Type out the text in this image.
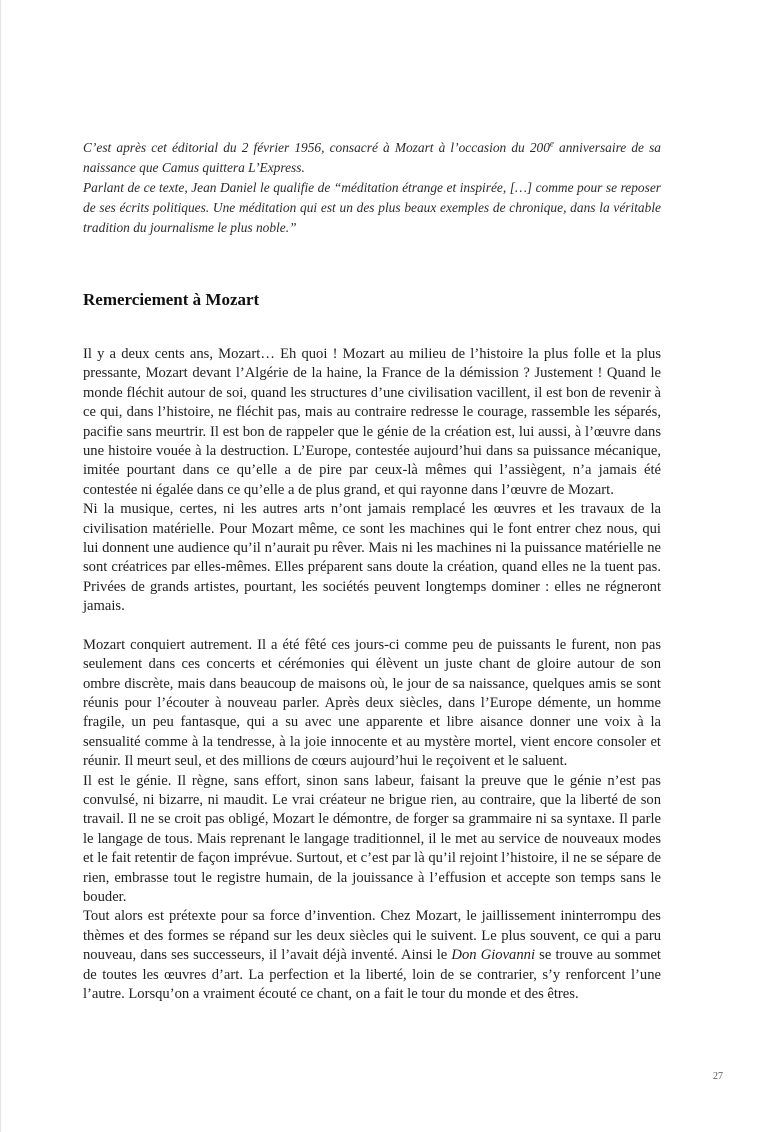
C’est après cet éditorial du 2 février 1956, consacré à Mozart à l’occasion du 200e anniversaire de sa naissance que Camus quittera L’Express.

Parlant de ce texte, Jean Daniel le qualifie de “méditation étrange et inspirée, […] comme pour se reposer de ses écrits politiques. Une méditation qui est un des plus beaux exemples de chronique, dans la véritable tradition du journalisme le plus noble.”

Remerciement à Mozart

Il y a deux cents ans, Mozart… Eh quoi ! Mozart au milieu de l’histoire la plus folle et la plus pressante, Mozart devant l’Algérie de la haine, la France de la démission ? Justement ! Quand le monde fléchit autour de soi, quand les structures d’une civilisation vacillent, il est bon de revenir à ce qui, dans l’histoire, ne fléchit pas, mais au contraire redresse le courage, rassemble les séparés, pacifie sans meurtrir. Il est bon de rappeler que le génie de la création est, lui aussi, à l’œuvre dans une histoire vouée à la destruction. L’Europe, contestée aujourd’hui dans sa puissance mécanique, imitée pourtant dans ce qu’elle a de pire par ceux-là mêmes qui l’assiègent, n’a jamais été contestée ni égalée dans ce qu’elle a de plus grand, et qui rayonne dans l’œuvre de Mozart.

Ni la musique, certes, ni les autres arts n’ont jamais remplacé les œuvres et les travaux de la civilisation matérielle. Pour Mozart même, ce sont les machines qui le font entrer chez nous, qui lui donnent une audience qu’il n’aurait pu rêver. Mais ni les machines ni la puissance matérielle ne sont créatrices par elles-mêmes. Elles préparent sans doute la création, quand elles ne la tuent pas. Privées de grands artistes, pourtant, les sociétés peuvent longtemps dominer : elles ne régneront jamais.

Mozart conquiert autrement. Il a été fêté ces jours-ci comme peu de puissants le furent, non pas seulement dans ces concerts et cérémonies qui élèvent un juste chant de gloire autour de son ombre discrète, mais dans beaucoup de maisons où, le jour de sa naissance, quelques amis se sont réunis pour l’écouter à nouveau parler. Après deux siècles, dans l’Europe démente, un homme fragile, un peu fantasque, qui a su avec une apparente et libre aisance donner une voix à la sensualité comme à la tendresse, à la joie innocente et au mystère mortel, vient encore consoler et réunir. Il meurt seul, et des millions de cœurs aujourd’hui le reçoivent et le saluent.

Il est le génie. Il règne, sans effort, sinon sans labeur, faisant la preuve que le génie n’est pas convulsé, ni bizarre, ni maudit. Le vrai créateur ne brigue rien, au contraire, que la liberté de son travail. Il ne se croit pas obligé, Mozart le démontre, de forger sa grammaire ni sa syntaxe. Il parle le langage de tous. Mais reprenant le langage traditionnel, il le met au service de nouveaux modes et le fait retentir de façon imprévue. Surtout, et c’est par là qu’il rejoint l’histoire, il ne se sépare de rien, embrasse tout le registre humain, de la jouissance à l’effusion et accepte son temps sans le bouder.

Tout alors est prétexte pour sa force d’invention. Chez Mozart, le jaillissement ininterrompu des thèmes et des formes se répand sur les deux siècles qui le suivent. Le plus souvent, ce qui a paru nouveau, dans ses successeurs, il l’avait déjà inventé. Ainsi le Don Giovanni se trouve au sommet de toutes les œuvres d’art. La perfection et la liberté, loin de se contrarier, s’y renforcent l’une l’autre. Lorsqu’on a vraiment écouté ce chant, on a fait le tour du monde et des êtres.

27
